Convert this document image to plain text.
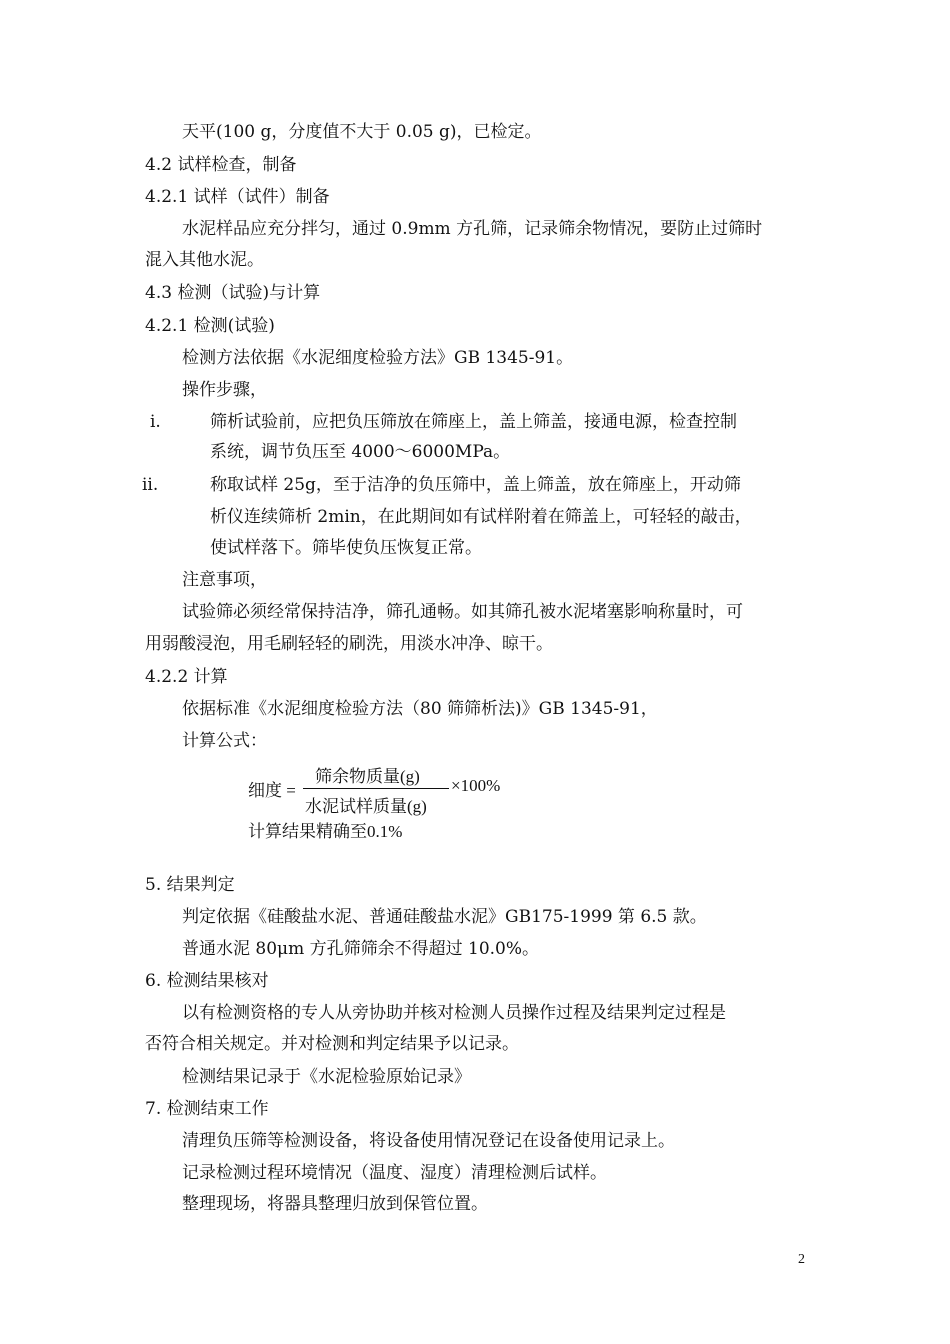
天平(100 g，分度值不大于 0.05 g)，已检定。
4.2 试样检查，制备
4.2.1 试样（试件）制备
水泥样品应充分拌匀，通过 0.9mm 方孔筛，记录筛余物情况，要防止过筛时
混入其他水泥。
4.3 检测（试验)与计算
4.2.1 检测(试验)
检测方法依据《水泥细度检验方法》GB 1345-91。
操作步骤，
i.	筛析试验前，应把负压筛放在筛座上，盖上筛盖，接通电源，检查控制
系统，调节负压至 4000～6000MPa。
ii.	称取试样 25g，至于洁净的负压筛中，盖上筛盖，放在筛座上，开动筛
析仪连续筛析 2min，在此期间如有试样附着在筛盖上，可轻轻的敲击，
使试样落下。筛毕使负压恢复正常。
注意事项，
试验筛必须经常保持洁净，筛孔通畅。如其筛孔被水泥堵塞影响称量时，可
用弱酸浸泡，用毛刷轻轻的刷洗，用淡水冲净、晾干。
4.2.2 计算
依据标准《水泥细度检验方法（80 筛筛析法)》GB 1345-91，
计算公式：
细度 =
筛余物质量(g)
水泥试样质量(g)
×100%
计算结果精确至0.1%
5. 结果判定
判定依据《硅酸盐水泥、普通硅酸盐水泥》GB175-1999 第 6.5 款。
普通水泥 80μm 方孔筛筛余不得超过 10.0%。
6. 检测结果核对
以有检测资格的专人从旁协助并核对检测人员操作过程及结果判定过程是
否符合相关规定。并对检测和判定结果予以记录。
检测结果记录于《水泥检验原始记录》
7. 检测结束工作
清理负压筛等检测设备，将设备使用情况登记在设备使用记录上。
记录检测过程环境情况（温度、湿度）清理检测后试样。
整理现场，将器具整理归放到保管位置。
2
